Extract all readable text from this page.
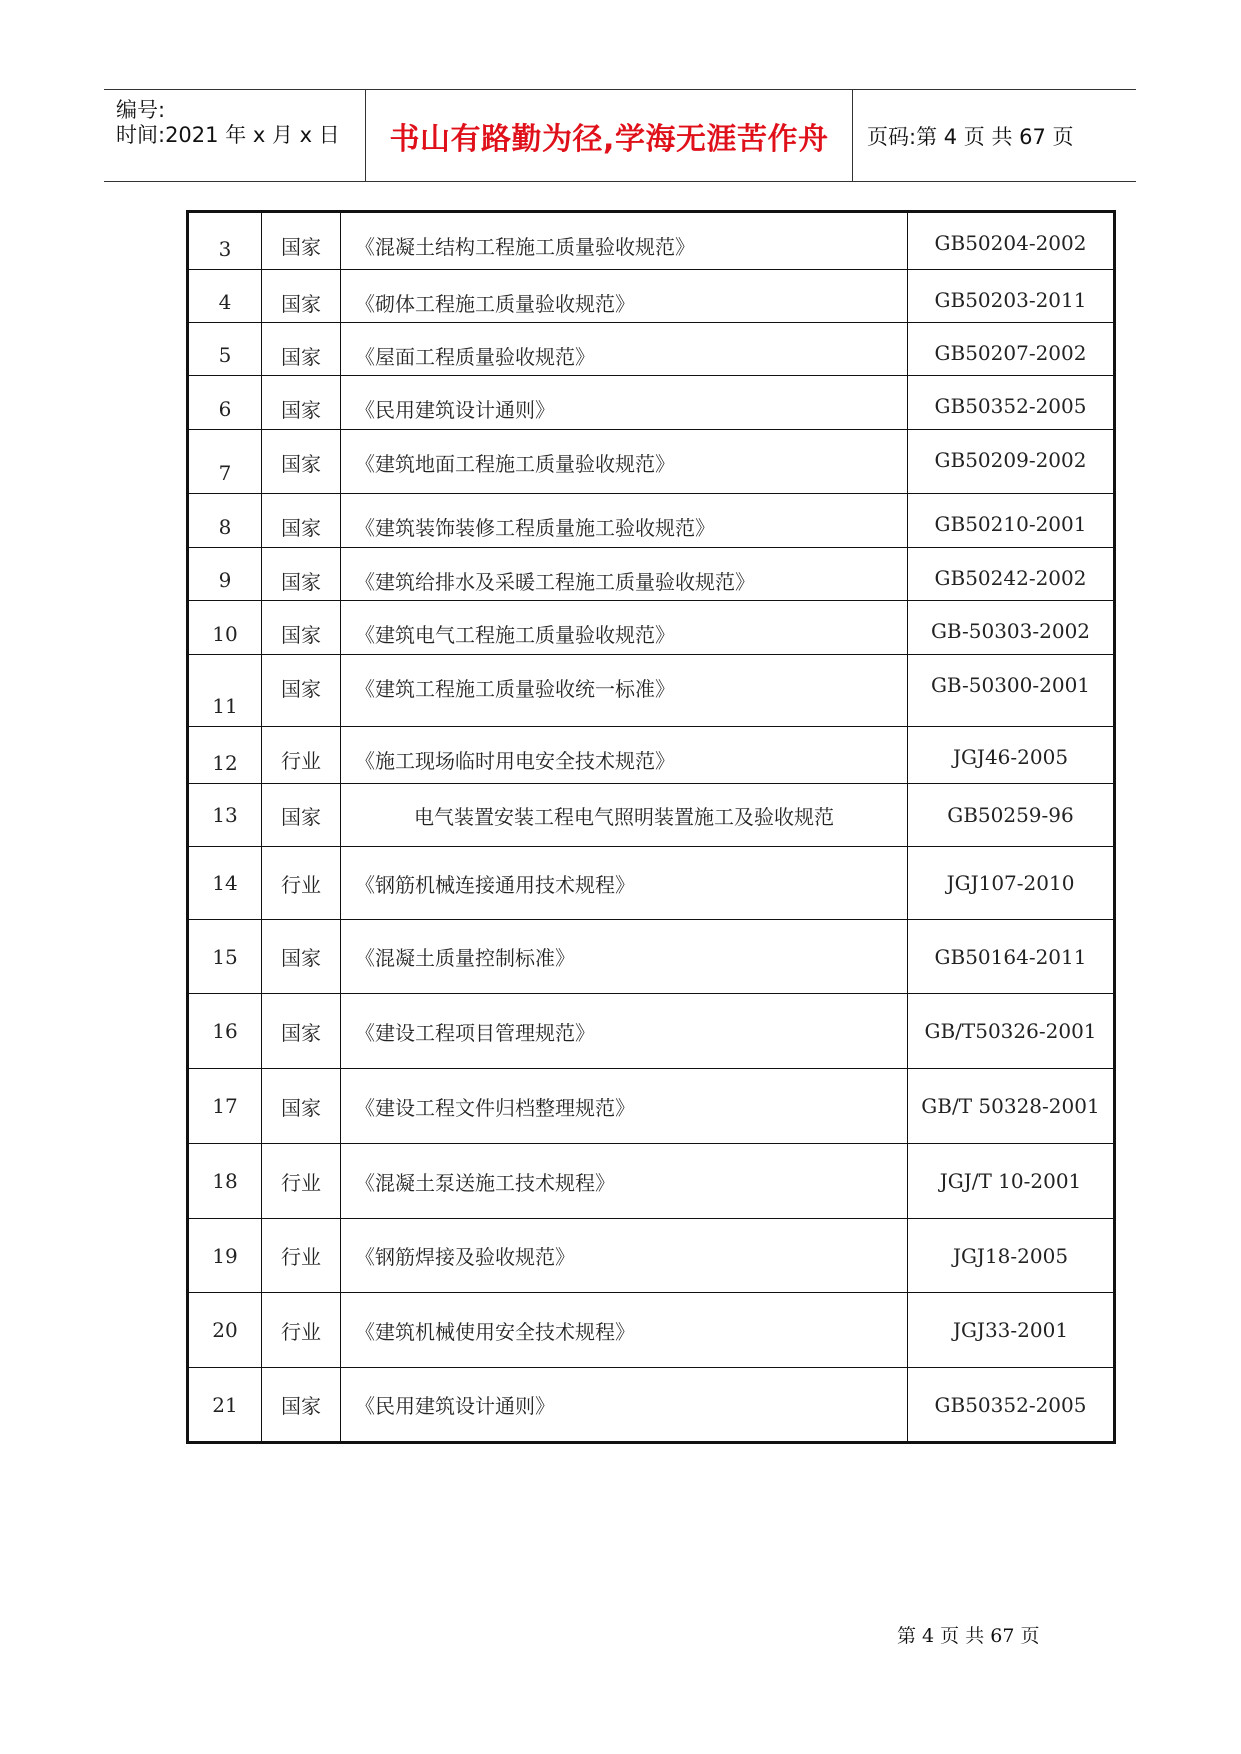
编号:
时间:2021 年 x 月 x 日	书山有路勤为径,学海无涯苦作舟	页码:第 4 页 共 67 页
3	国家	《混凝土结构工程施工质量验收规范》	GB50204-2002
4	国家	《砌体工程施工质量验收规范》	GB50203-2011
5	国家	《屋面工程质量验收规范》	GB50207-2002
6	国家	《民用建筑设计通则》	GB50352-2005
7	国家	《建筑地面工程施工质量验收规范》	GB50209-2002
8	国家	《建筑装饰装修工程质量施工验收规范》	GB50210-2001
9	国家	《建筑给排水及采暖工程施工质量验收规范》	GB50242-2002
10	国家	《建筑电气工程施工质量验收规范》	GB-50303-2002
11	国家	《建筑工程施工质量验收统一标准》	GB-50300-2001
12	行业	《施工现场临时用电安全技术规范》	JGJ46-2005
13	国家	电气装置安装工程电气照明装置施工及验收规范	GB50259-96
14	行业	《钢筋机械连接通用技术规程》	JGJ107-2010
15	国家	《混凝土质量控制标准》	GB50164-2011
16	国家	《建设工程项目管理规范》	GB/T50326-2001
17	国家	《建设工程文件归档整理规范》	GB/T 50328-2001
18	行业	《混凝土泵送施工技术规程》	JGJ/T 10-2001
19	行业	《钢筋焊接及验收规范》	JGJ18-2005
20	行业	《建筑机械使用安全技术规程》	JGJ33-2001
21	国家	《民用建筑设计通则》	GB50352-2005
第 4 页 共 67 页
